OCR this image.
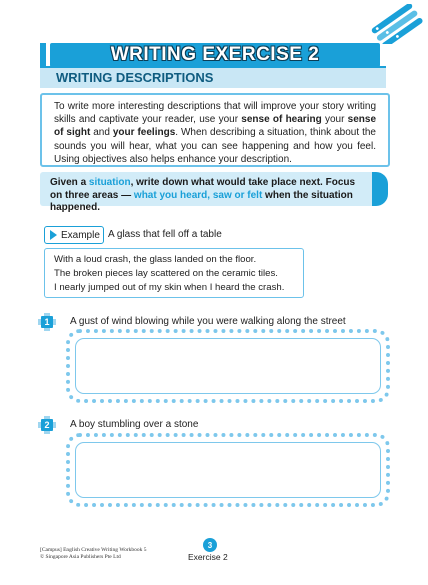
WRITING EXERCISE 2
WRITING DESCRIPTIONS
To write more interesting descriptions that will improve your story writing skills and captivate your reader, use your sense of hearing your sense of sight and your feelings. When describing a situation, think about the sounds you will hear, what you can see happening and how you feel. Using objectives also helps enhance your description.
Given a situation, write down what would take place next. Focus on three areas — what you heard, saw or felt when the situation happened.
Example A glass that fell off a table
With a loud crash, the glass landed on the floor.
The broken pieces lay scattered on the ceramic tiles.
I nearly jumped out of my skin when I heard the crash.
1	A gust of wind blowing while you were walking along the street
2	A boy stumbling over a stone
[Campus] English Creative Writing Workbook 5
© Singapore Asia Publishers Pte Ltd
3
Exercise 2
